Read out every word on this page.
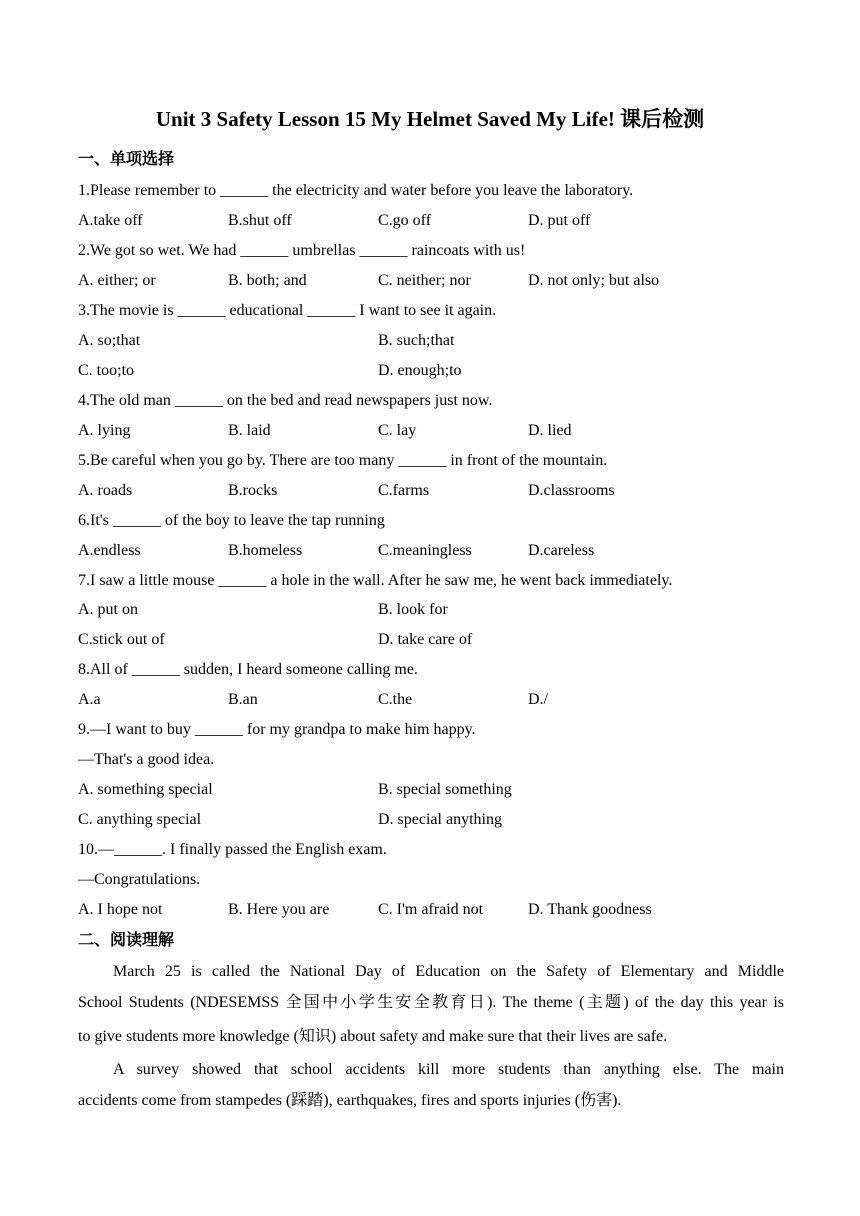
Unit 3 Safety Lesson 15 My Helmet Saved My Life! 课后检测
一、单项选择
1.Please remember to ______ the electricity and water before you leave the laboratory.
A.take off	B.shut off	C.go off	D. put off
2.We got so wet. We had ______ umbrellas ______ raincoats with us!
A. either; or	B. both; and	C. neither; nor	D. not only; but also
3.The movie is ______ educational ______ I want to see it again.
A. so;that	B. such;that
C. too;to	D. enough;to
4.The old man ______ on the bed and read newspapers just now.
A. lying	B. laid	C. lay	D. lied
5.Be careful when you go by. There are too many ______ in front of the mountain.
A. roads	B.rocks	C.farms	D.classrooms
6.It's ______ of the boy to leave the tap running
A.endless	B.homeless	C.meaningless	D.careless
7.I saw a little mouse ______ a hole in the wall. After he saw me, he went back immediately.
A. put on	B. look for
C.stick out of	D. take care of
8.All of ______ sudden, I heard someone calling me.
A.a	B.an	C.the	D./
9.—I want to buy ______ for my grandpa to make him happy.
—That's a good idea.
A. something special	B. special something
C. anything special	D. special anything
10.—______. I finally passed the English exam.
—Congratulations.
A. I hope not	B. Here you are	C. I'm afraid not	D. Thank goodness
二、阅读理解
March 25 is called the National Day of Education on the Safety of Elementary and Middle
School Students (NDESEMSS 全国中小学生安全教育日). The theme (主题) of the day this year is
to give students more knowledge (知识) about safety and make sure that their lives are safe.
A survey showed that school accidents kill more students than anything else. The main
accidents come from stampedes (踩踏), earthquakes, fires and sports injuries (伤害).
